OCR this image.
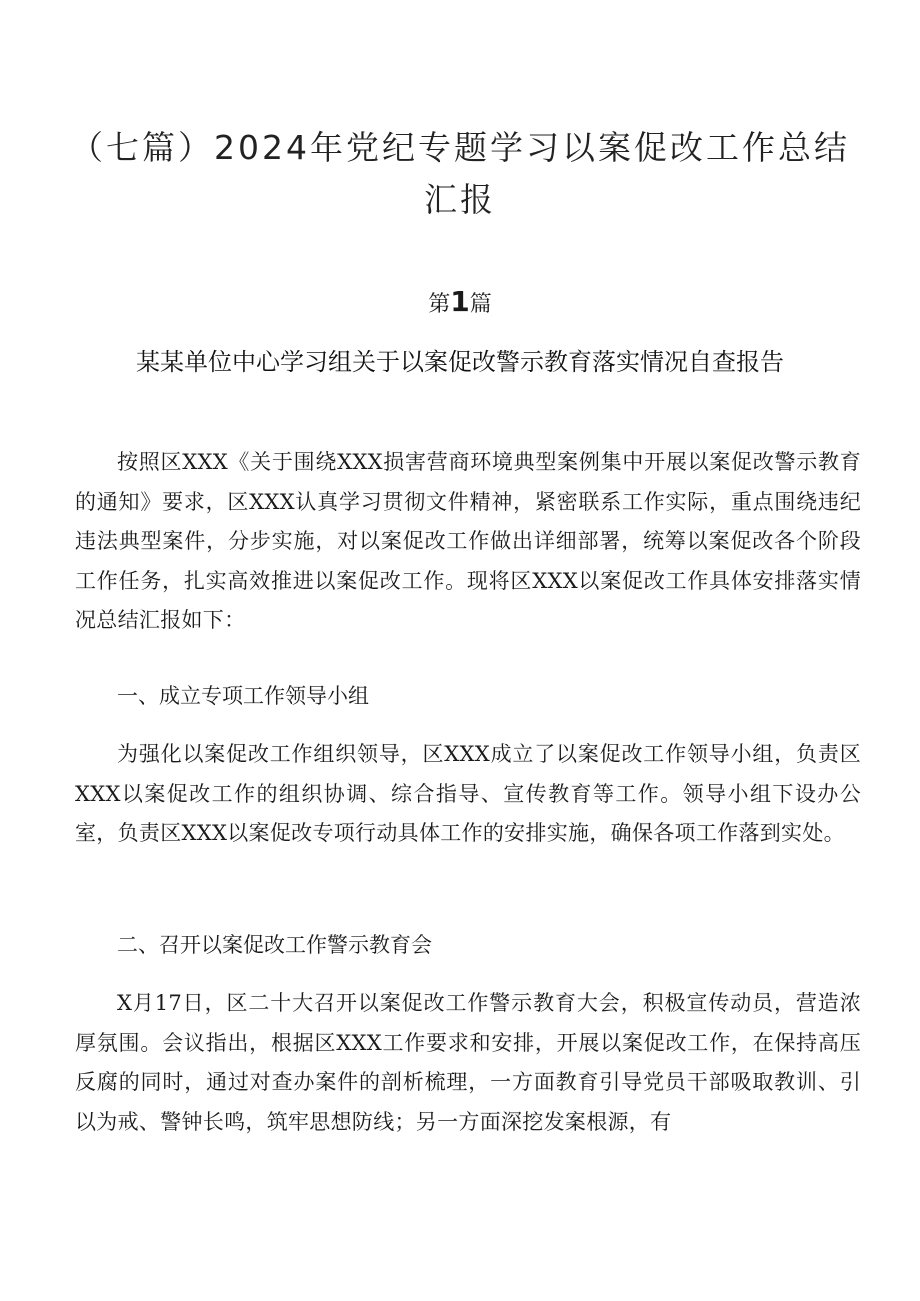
（七篇）2024年党纪专题学习以案促改工作总结汇报

第1篇

某某单位中心学习组关于以案促改警示教育落实情况自查报告

按照区XXX《关于围绕XXX损害营商环境典型案例集中开展以案促改警示教育的通知》要求，区XXX认真学习贯彻文件精神，紧密联系工作实际，重点围绕违纪违法典型案件，分步实施，对以案促改工作做出详细部署，统筹以案促改各个阶段工作任务，扎实高效推进以案促改工作。现将区XXX以案促改工作具体安排落实情况总结汇报如下：

一、成立专项工作领导小组

为强化以案促改工作组织领导，区XXX成立了以案促改工作领导小组，负责区XXX以案促改工作的组织协调、综合指导、宣传教育等工作。领导小组下设办公室，负责区XXX以案促改专项行动具体工作的安排实施，确保各项工作落到实处。

二、召开以案促改工作警示教育会

X月17日，区二十大召开以案促改工作警示教育大会，积极宣传动员，营造浓厚氛围。会议指出，根据区XXX工作要求和安排，开展以案促改工作，在保持高压反腐的同时，通过对查办案件的剖析梳理，一方面教育引导党员干部吸取教训、引以为戒、警钟长鸣，筑牢思想防线；另一方面深挖发案根源，有
